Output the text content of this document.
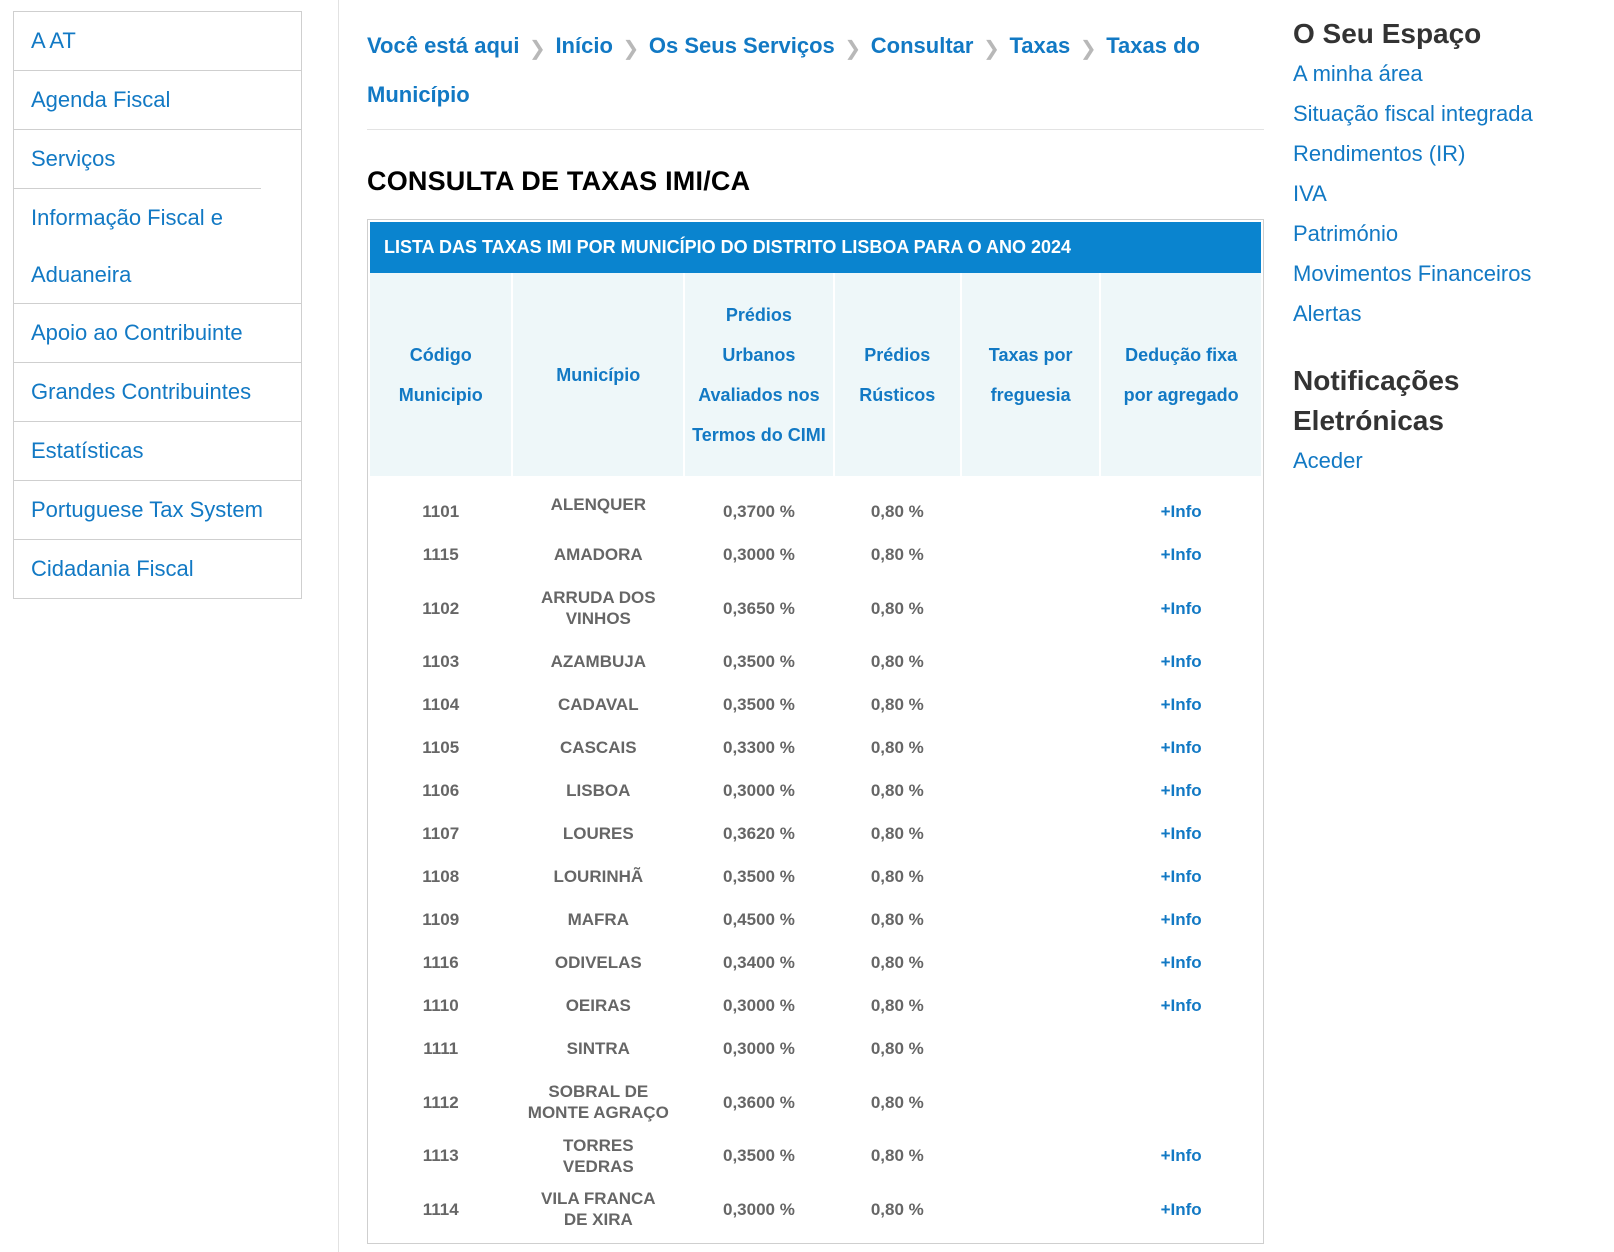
A AT
Agenda Fiscal
Serviços
Informação Fiscal e Aduaneira
Apoio ao Contribuinte
Grandes Contribuintes
Estatísticas
Portuguese Tax System
Cidadania Fiscal
Você está aqui ❯ Início ❯ Os Seus Serviços ❯ Consultar ❯ Taxas ❯ Taxas do Município
CONSULTA DE TAXAS IMI/CA
LISTA DAS TAXAS IMI POR MUNICÍPIO DO DISTRITO LISBOA PARA O ANO 2024
Código Municipio	Município	Prédios Urbanos Avaliados nos Termos do CIMI	Prédios Rústicos	Taxas por freguesia	Dedução fixa por agregado
1101	ALENQUER	0,3700 %	0,80 %		+Info
1115	AMADORA	0,3000 %	0,80 %		+Info
1102	ARRUDA DOS VINHOS	0,3650 %	0,80 %		+Info
1103	AZAMBUJA	0,3500 %	0,80 %		+Info
1104	CADAVAL	0,3500 %	0,80 %		+Info
1105	CASCAIS	0,3300 %	0,80 %		+Info
1106	LISBOA	0,3000 %	0,80 %		+Info
1107	LOURES	0,3620 %	0,80 %		+Info
1108	LOURINHÃ	0,3500 %	0,80 %		+Info
1109	MAFRA	0,4500 %	0,80 %		+Info
1116	ODIVELAS	0,3400 %	0,80 %		+Info
1110	OEIRAS	0,3000 %	0,80 %		+Info
1111	SINTRA	0,3000 %	0,80 %		
1112	SOBRAL DE MONTE AGRAÇO	0,3600 %	0,80 %		
1113	TORRES VEDRAS	0,3500 %	0,80 %		+Info
1114	VILA FRANCA DE XIRA	0,3000 %	0,80 %		+Info
O Seu Espaço
A minha área
Situação fiscal integrada
Rendimentos (IR)
IVA
Património
Movimentos Financeiros
Alertas
Notificações Eletrónicas
Aceder
